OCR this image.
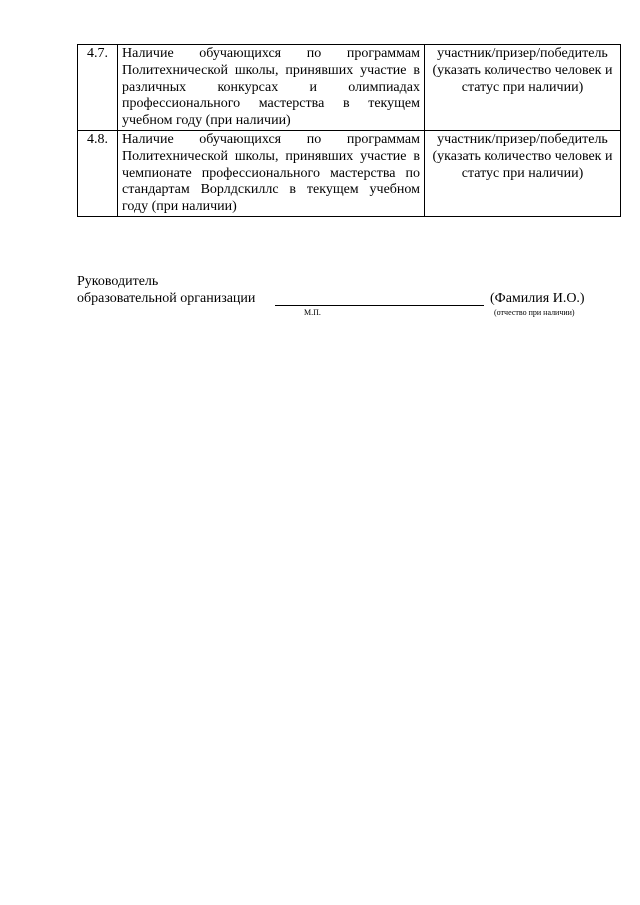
4.7.	Наличие обучающихся по программам Политехнической школы, принявших участие в различных конкурсах и олимпиадах профессионального мастерства в текущем учебном году (при наличии)	участник/призер/победитель (указать количество человек и статус при наличии)
4.8.	Наличие обучающихся по программам Политехнической школы, принявших участие в чемпионате профессионального мастерства по стандартам Ворлдскиллс в текущем учебном году (при наличии)	участник/призер/победитель (указать количество человек и статус при наличии)
Руководитель
образовательной организации	(Фамилия И.О.)
М.П.	(отчество при наличии)
